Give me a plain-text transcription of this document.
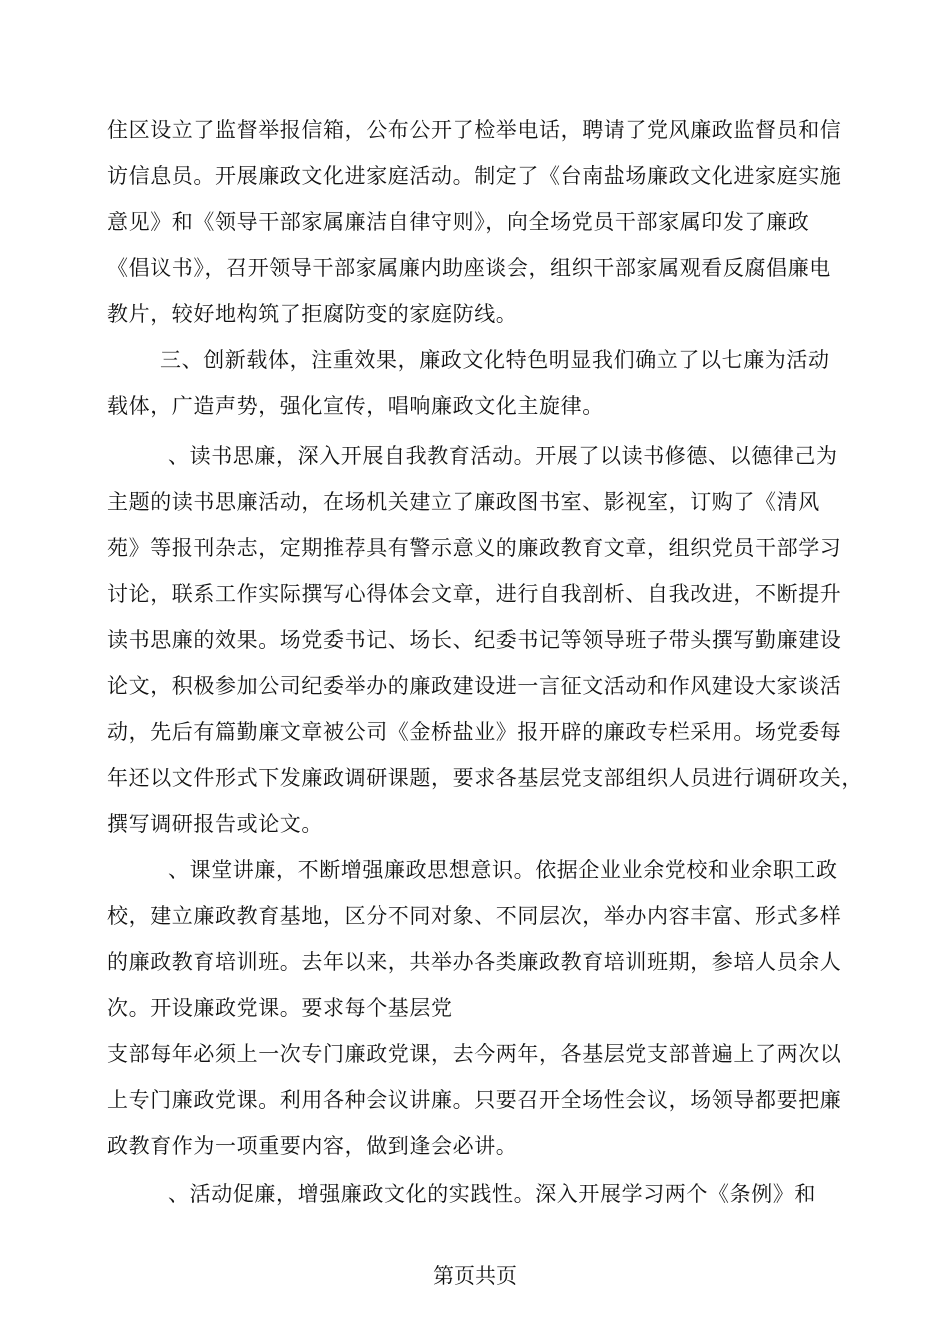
住区设立了监督举报信箱，公布公开了检举电话，聘请了党风廉政监督员和信
访信息员。开展廉政文化进家庭活动。制定了《台南盐场廉政文化进家庭实施
意见》和《领导干部家属廉洁自律守则》，向全场党员干部家属印发了廉政
《倡议书》，召开领导干部家属廉内助座谈会，组织干部家属观看反腐倡廉电
教片，较好地构筑了拒腐防变的家庭防线。
三、创新载体，注重效果，廉政文化特色明显我们确立了以七廉为活动
载体，广造声势，强化宣传，唱响廉政文化主旋律。
、读书思廉，深入开展自我教育活动。开展了以读书修德、以德律己为
主题的读书思廉活动，在场机关建立了廉政图书室、影视室，订购了《清风
苑》等报刊杂志，定期推荐具有警示意义的廉政教育文章，组织党员干部学习
讨论，联系工作实际撰写心得体会文章，进行自我剖析、自我改进，不断提升
读书思廉的效果。场党委书记、场长、纪委书记等领导班子带头撰写勤廉建设
论文，积极参加公司纪委举办的廉政建设进一言征文活动和作风建设大家谈活
动，先后有篇勤廉文章被公司《金桥盐业》报开辟的廉政专栏采用。场党委每
年还以文件形式下发廉政调研课题，要求各基层党支部组织人员进行调研攻关，
撰写调研报告或论文。
、课堂讲廉，不断增强廉政思想意识。依据企业业余党校和业余职工政
校，建立廉政教育基地，区分不同对象、不同层次，举办内容丰富、形式多样
的廉政教育培训班。去年以来，共举办各类廉政教育培训班期，参培人员余人
次。开设廉政党课。要求每个基层党
支部每年必须上一次专门廉政党课，去今两年，各基层党支部普遍上了两次以
上专门廉政党课。利用各种会议讲廉。只要召开全场性会议，场领导都要把廉
政教育作为一项重要内容，做到逢会必讲。
、活动促廉，增强廉政文化的实践性。深入开展学习两个《条例》和
第页共页
